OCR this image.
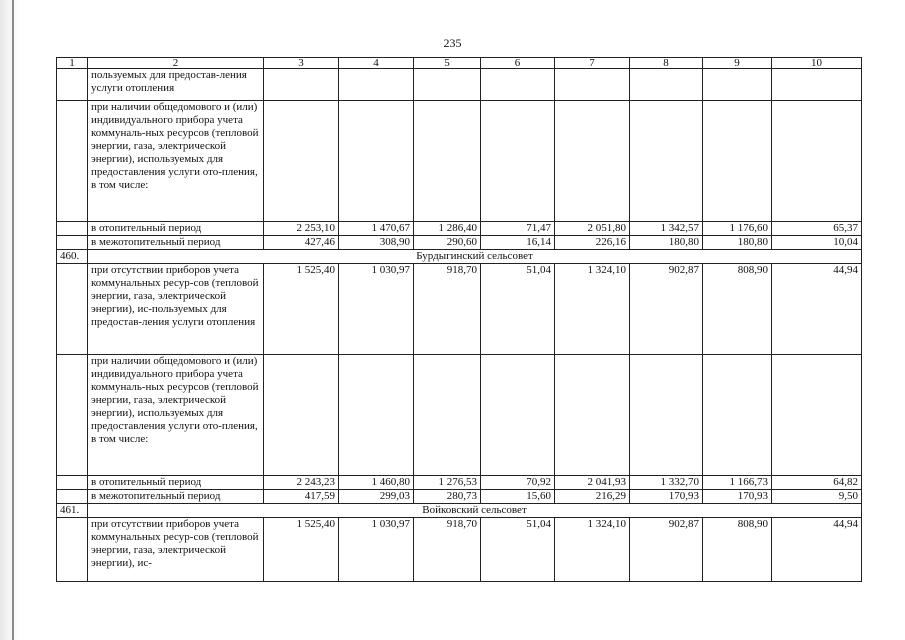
235
1	2	3	4	5	6	7	8	9	10
	пользуемых для предостав-ления услуги отопления								
	при наличии общедомового и (или) индивидуального прибора учета коммуналь-ных ресурсов (тепловой энергии, газа, электрической энергии), используемых для предоставления услуги ото-пления, в том числе:								
	в отопительный период	2 253,10	1 470,67	1 286,40	71,47	2 051,80	1 342,57	1 176,60	65,37
	в межотопительный период	427,46	308,90	290,60	16,14	226,16	180,80	180,80	10,04
460.	Бурдыгинский сельсовет								
	при отсутствии приборов учета коммунальных ресур-сов (тепловой энергии, газа, электрической энергии), ис-пользуемых для предостав-ления услуги отопления	1 525,40	1 030,97	918,70	51,04	1 324,10	902,87	808,90	44,94
	при наличии общедомового и (или) индивидуального прибора учета коммуналь-ных ресурсов (тепловой энергии, газа, электрической энергии), используемых для предоставления услуги ото-пления, в том числе:								
	в отопительный период	2 243,23	1 460,80	1 276,53	70,92	2 041,93	1 332,70	1 166,73	64,82
	в межотопительный период	417,59	299,03	280,73	15,60	216,29	170,93	170,93	9,50
461.	Войковский сельсовет								
	при отсутствии приборов учета коммунальных ресур-сов (тепловой энергии, газа, электрической энергии), ис-	1 525,40	1 030,97	918,70	51,04	1 324,10	902,87	808,90	44,94
